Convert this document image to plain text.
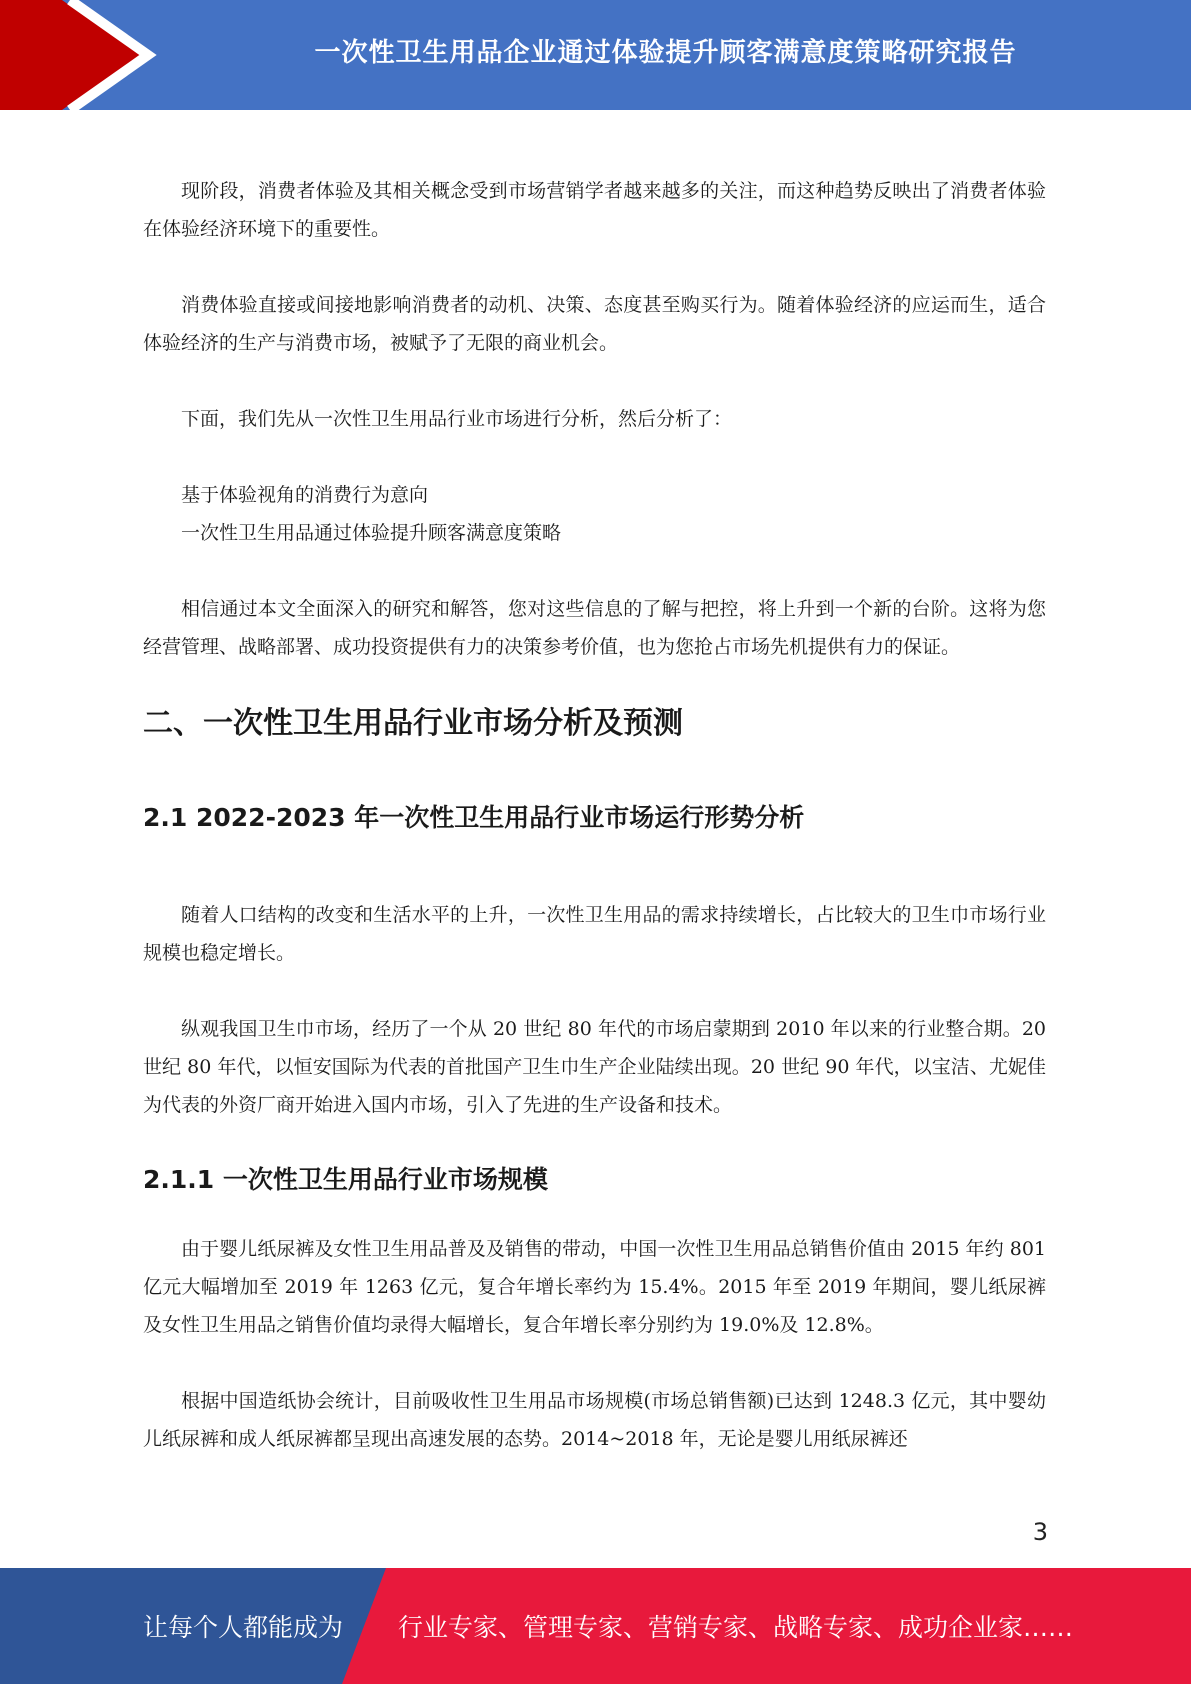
一次性卫生用品企业通过体验提升顾客满意度策略研究报告

现阶段，消费者体验及其相关概念受到市场营销学者越来越多的关注，而这种趋势反映出了消费者体验在体验经济环境下的重要性。

消费体验直接或间接地影响消费者的动机、决策、态度甚至购买行为。随着体验经济的应运而生，适合体验经济的生产与消费市场，被赋予了无限的商业机会。

下面，我们先从一次性卫生用品行业市场进行分析，然后分析了：

基于体验视角的消费行为意向
一次性卫生用品通过体验提升顾客满意度策略

相信通过本文全面深入的研究和解答，您对这些信息的了解与把控，将上升到一个新的台阶。这将为您经营管理、战略部署、成功投资提供有力的决策参考价值，也为您抢占市场先机提供有力的保证。

二、一次性卫生用品行业市场分析及预测
2.1 2022-2023 年一次性卫生用品行业市场运行形势分析

随着人口结构的改变和生活水平的上升，一次性卫生用品的需求持续增长，占比较大的卫生巾市场行业规模也稳定增长。

纵观我国卫生巾市场，经历了一个从 20 世纪 80 年代的市场启蒙期到 2010 年以来的行业整合期。20 世纪 80 年代，以恒安国际为代表的首批国产卫生巾生产企业陆续出现。20 世纪 90 年代，以宝洁、尤妮佳为代表的外资厂商开始进入国内市场，引入了先进的生产设备和技术。

2.1.1 一次性卫生用品行业市场规模

由于婴儿纸尿裤及女性卫生用品普及及销售的带动，中国一次性卫生用品总销售价值由 2015 年约 801 亿元大幅增加至 2019 年 1263 亿元，复合年增长率约为 15.4%。2015 年至 2019 年期间，婴儿纸尿裤及女性卫生用品之销售价值均录得大幅增长，复合年增长率分别约为 19.0%及 12.8%。

根据中国造纸协会统计，目前吸收性卫生用品市场规模(市场总销售额)已达到 1248.3 亿元，其中婴幼儿纸尿裤和成人纸尿裤都呈现出高速发展的态势。2014~2018 年，无论是婴儿用纸尿裤还

3
让每个人都能成为 行业专家、管理专家、营销专家、战略专家、成功企业家……
